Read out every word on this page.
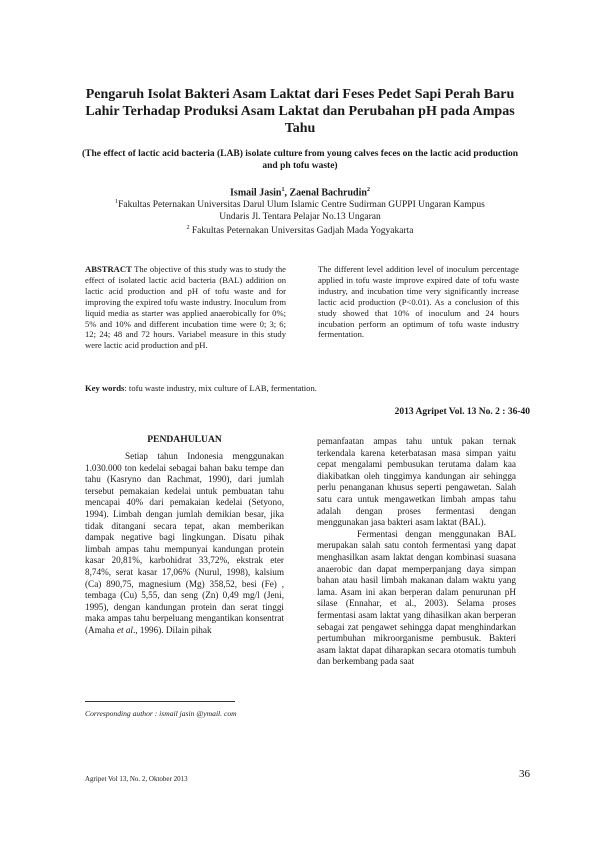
Pengaruh Isolat Bakteri Asam Laktat dari Feses Pedet Sapi Perah Baru Lahir Terhadap Produksi Asam Laktat dan Perubahan pH pada Ampas Tahu
(The effect of lactic acid bacteria (LAB) isolate culture from young calves feces on the lactic acid production and ph tofu waste)
Ismail Jasin$^1$, Zaenal Bachrudin$^2$
$^1$Fakultas Peternakan Universitas Darul Ulum Islamic Centre Sudirman GUPPI Ungaran Kampus
Undaris Jl. Tentara Pelajar No.13 Ungaran
$^2$ Fakultas Peternakan Universitas Gadjah Mada Yogyakarta
ABSTRACT The objective of this study was to study the effect of isolated lactic acid bacteria (BAL) addition on lactic acid production and pH of tofu waste and for improving the expired tofu waste industry. Inoculum from liquid media as starter was applied anaerobically for 0%; 5% and 10% and different incubation time were 0; 3; 6; 12; 24; 48 and 72 hours. Variabel measure in this study were lactic acid production and pH.
The different level addition level of inoculum percentage applied in tofu waste improve expired date of tofu waste industry, and incubation time very significantly increase lactic acid production (P<0.01). As a conclusion of this study showed that 10% of inoculum and 24 hours incubation perform an optimum of tofu waste industry fermentation.
Key words: tofu waste industry, mix culture of LAB, fermentation.
2013 Agripet Vol. 13 No. 2 : 36-40
PENDAHULUAN

Setiap tahun Indonesia menggunakan 1.030.000 ton kedelai sebagai bahan baku tempe dan tahu (Kasryno dan Rachmat, 1990), dari jumlah tersebut pemakaian kedelai untuk pembuatan tahu mencapai 40% dari pemakaian kedelai (Setyono, 1994). Limbah dengan jumlah demikian besar, jika tidak ditangani secara tepat, akan memberikan dampak negative bagi lingkungan. Disatu pihak limbah ampas tahu mempunyai kandungan protein kasar 20,81%, karbohidrat 33,72%, ekstrak eter 8,74%, serat kasar 17,06% (Nurul, 1998), kalsium (Ca) 890,75, magnesium (Mg) 358,52, besi (Fe) , tembaga (Cu) 5,55, dan seng (Zn) 0,49 mg/l (Jeni, 1995), dengan kandungan protein dan serat tinggi maka ampas tahu berpeluang mengantikan konsentrat (Amaha et al., 1996). Dilain pihak

pemanfaatan ampas tahu untuk pakan ternak terkendala karena keterbatasan masa simpan yaitu cepat mengalami pembusukan terutama dalam kaa diakibatkan oleh tinggimya kandungan air sehingga perlu penanganan khusus seperti pengawetan. Salah satu cara untuk mengawetkan limbah ampas tahu adalah dengan proses fermentasi dengan menggunakan jasa bakteri asam laktat (BAL).

Fermentasi dengan menggunakan BAL merupakan salah satu contoh fermentasi yang dapat menghasilkan asam laktat dengan kombinasi suasana anaerobic dan dapat memperpanjang daya simpan bahan atau hasil limbah makanan dalam waktu yang lama. Asam ini akan berperan dalam penurunan pH silase (Ennahar, et al., 2003). Selama proses fermentasi asam laktat yang dihasilkan akan berperan sebagai zat pengawet sehingga dapat menghindarkan pertumbuhan mikroorganisme pembusuk. Bakteri asam laktat dapat diharapkan secara otomatis tumbuh dan berkembang pada saat

Corresponding author : ismail jasin @ymail. com
Agripet Vol 13, No. 2, Oktober 2013	36
